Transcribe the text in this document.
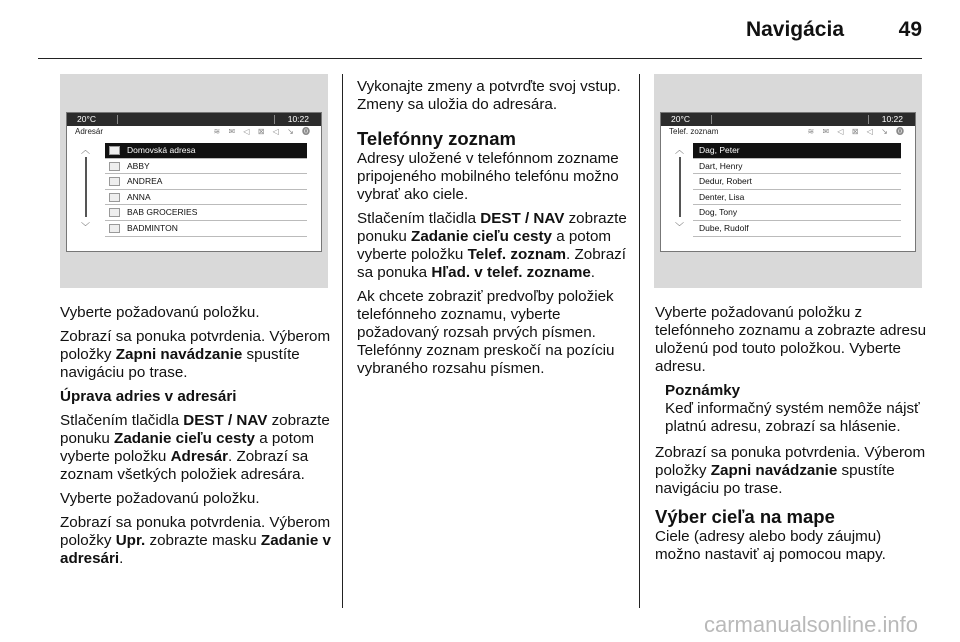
Navigácia	49
20°C	10:22
Adresár	≋ ✉ ◁ ⊠ ◁ ↘ ⓿
︿
﹀
Domovská adresa
ABBY
ANDREA
ANNA
BAB GROCERIES
BADMINTON
20°C	10:22
Telef. zoznam	≋ ✉ ◁ ⊠ ◁ ↘ ⓿
︿
﹀
Dag, Peter
Dart, Henry
Dedur, Robert
Denter, Lisa
Dog, Tony
Dube, Rudolf

Vyberte požadovanú položku.

Zobrazí sa ponuka potvrdenia. Výberom položky Zapni navádzanie spustíte navigáciu po trase.

Úprava adries v adresári

Stlačením tlačidla DEST / NAV zobrazte ponuku Zadanie cieľu cesty a potom vyberte položku Adresár. Zobrazí sa zoznam všetkých položiek adresára.

Vyberte požadovanú položku.

Zobrazí sa ponuka potvrdenia. Výberom položky Upr. zobrazte masku Zadanie v adresári.

Vykonajte zmeny a potvrďte svoj vstup. Zmeny sa uložia do adresára.

Telefónny zoznam

Adresy uložené v telefónnom zozname pripojeného mobilného telefónu možno vybrať ako ciele.

Stlačením tlačidla DEST / NAV zobrazte ponuku Zadanie cieľu cesty a potom vyberte položku Telef. zoznam. Zobrazí sa ponuka Hľad. v telef. zozname.

Ak chcete zobraziť predvoľby položiek telefónneho zoznamu, vyberte požadovaný rozsah prvých písmen. Telefónny zoznam preskočí na pozíciu vybraného rozsahu písmen.

Vyberte požadovanú položku z telefónneho zoznamu a zobrazte adresu uloženú pod touto položkou. Vyberte adresu.

Poznámky
Keď informačný systém nemôže nájsť platnú adresu, zobrazí sa hlásenie.

Zobrazí sa ponuka potvrdenia. Výberom položky Zapni navádzanie spustíte navigáciu po trase.

Výber cieľa na mape

Ciele (adresy alebo body záujmu) možno nastaviť aj pomocou mapy.

carmanualsonline.info
